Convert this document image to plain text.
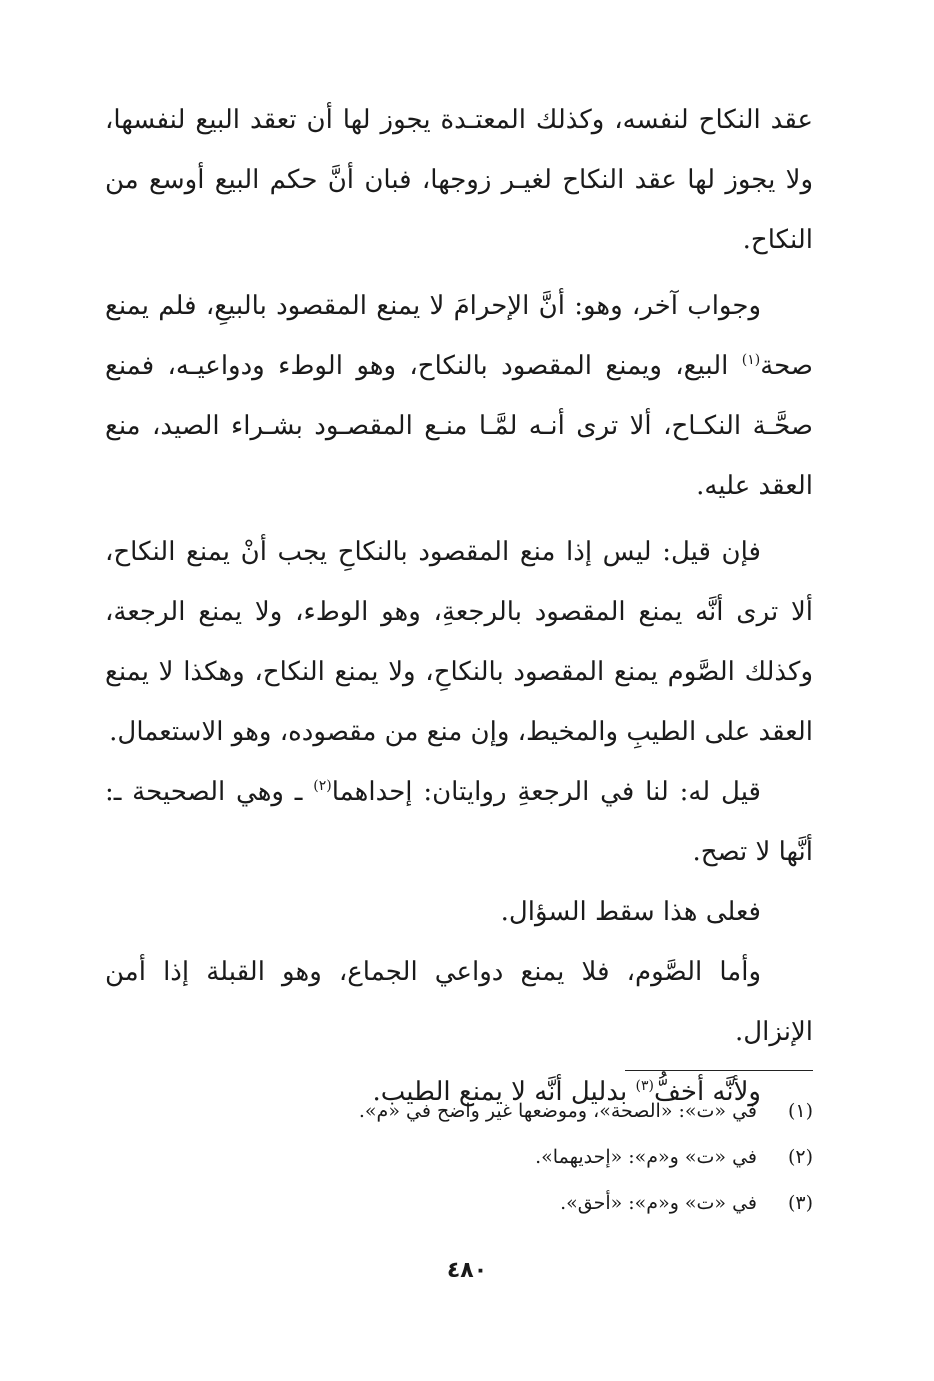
عقد النكاح لنفسه، وكذلك المعتـدة يجوز لها أن تعقد البيع لنفسها، ولا يجوز لها عقد النكاح لغيـر زوجها، فبان أنَّ حكم البيع أوسع من النكاح.

وجواب آخر، وهو: أنَّ الإحرامَ لا يمنع المقصود بالبيعِ، فلم يمنع صحة$^{(١)}$ البيع، ويمنع المقصود بالنكاح، وهو الوطء ودواعيـه، فمنع صحَّـة النكـاح، ألا ترى أنـه لمَّـا منـع المقصـود بشـراء الصيد، منع العقد عليه.

فإن قيل: ليس إذا منع المقصود بالنكاحِ يجب أنْ يمنع النكاح، ألا ترى أنَّه يمنع المقصود بالرجعةِ، وهو الوطء، ولا يمنع الرجعة، وكذلك الصَّوم يمنع المقصود بالنكاحِ، ولا يمنع النكاح، وهكذا لا يمنع العقد على الطيبِ والمخيط، وإن منع من مقصوده، وهو الاستعمال.

قيل له: لنا في الرجعةِ روايتان: إحداهما$^{(٢)}$ ـ وهي الصحيحة ـ: أنَّها لا تصح.

فعلى هذا سقط السؤال.

وأما الصَّوم، فلا يمنع دواعي الجماع، وهو القبلة إذا أمن الإنزال.

ولأنَّه أخفُّ$^{(٣)}$ بدليل أنَّه لا يمنع الطيب.

(١)
في «ت»: «الصحة»، وموضعها غير واضح في «م».
(٢)
في «ت» و«م»: «إحديهما».
(٣)
في «ت» و«م»: «أحق».
٤٨٠
